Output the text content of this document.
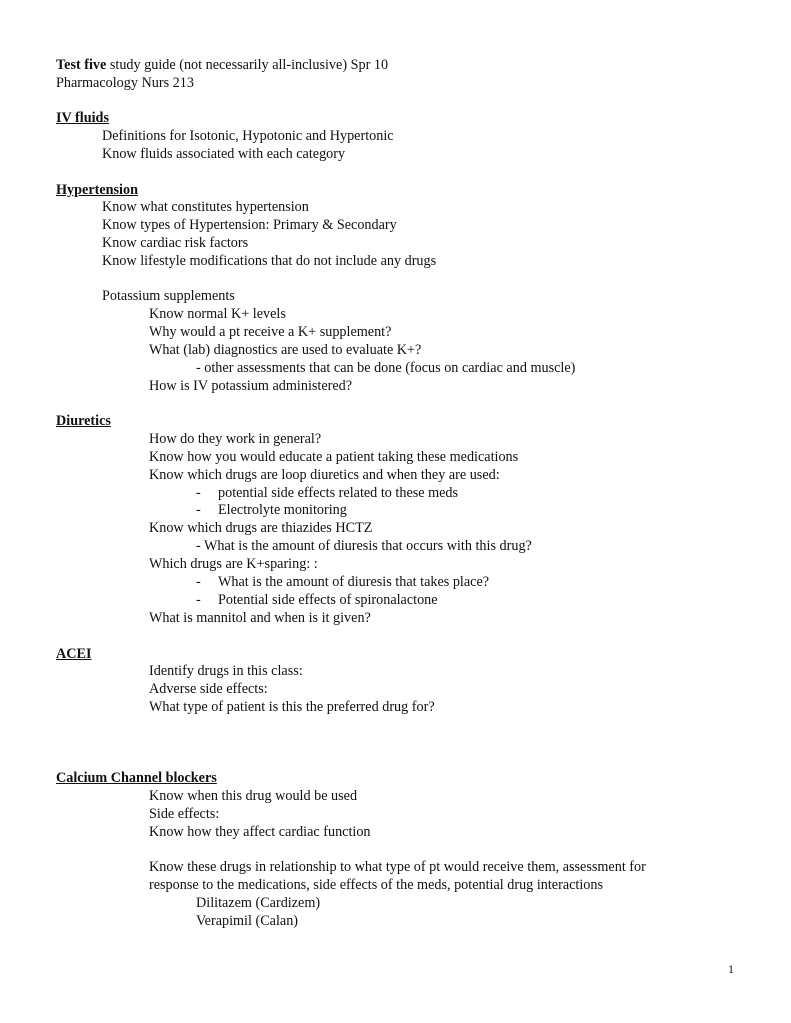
Test five study guide (not necessarily all-inclusive) Spr 10
Pharmacology Nurs 213
IV fluids
Definitions for Isotonic, Hypotonic and Hypertonic
Know fluids associated with each category
Hypertension
Know what constitutes hypertension
Know types of Hypertension: Primary & Secondary
Know cardiac risk factors
Know lifestyle modifications that do not include any drugs
Potassium supplements
Know normal K+ levels
Why would a pt receive a K+ supplement?
What (lab) diagnostics are used to evaluate K+?
- other assessments that can be done (focus on cardiac and muscle)
How is IV potassium administered?
Diuretics
How do they work in general?
Know how you would educate a patient taking these medications
Know which drugs are loop diuretics and when they are used:
- potential side effects related to these meds
- Electrolyte monitoring
Know which drugs are thiazides HCTZ
- What is the amount of diuresis that occurs with this drug?
Which drugs are K+sparing: :
- What is the amount of diuresis that takes place?
- Potential side effects of spironalactone
What is mannitol and when is it given?
ACEI
Identify drugs in this class:
Adverse side effects:
What type of patient is this the preferred drug for?
Calcium Channel blockers
Know when this drug would be used
Side effects:
Know how they affect cardiac function
Know these drugs in relationship to what type of pt would receive them, assessment for
response to the medications, side effects of the meds, potential drug interactions
Dilitazem (Cardizem)
Verapimil (Calan)
1
